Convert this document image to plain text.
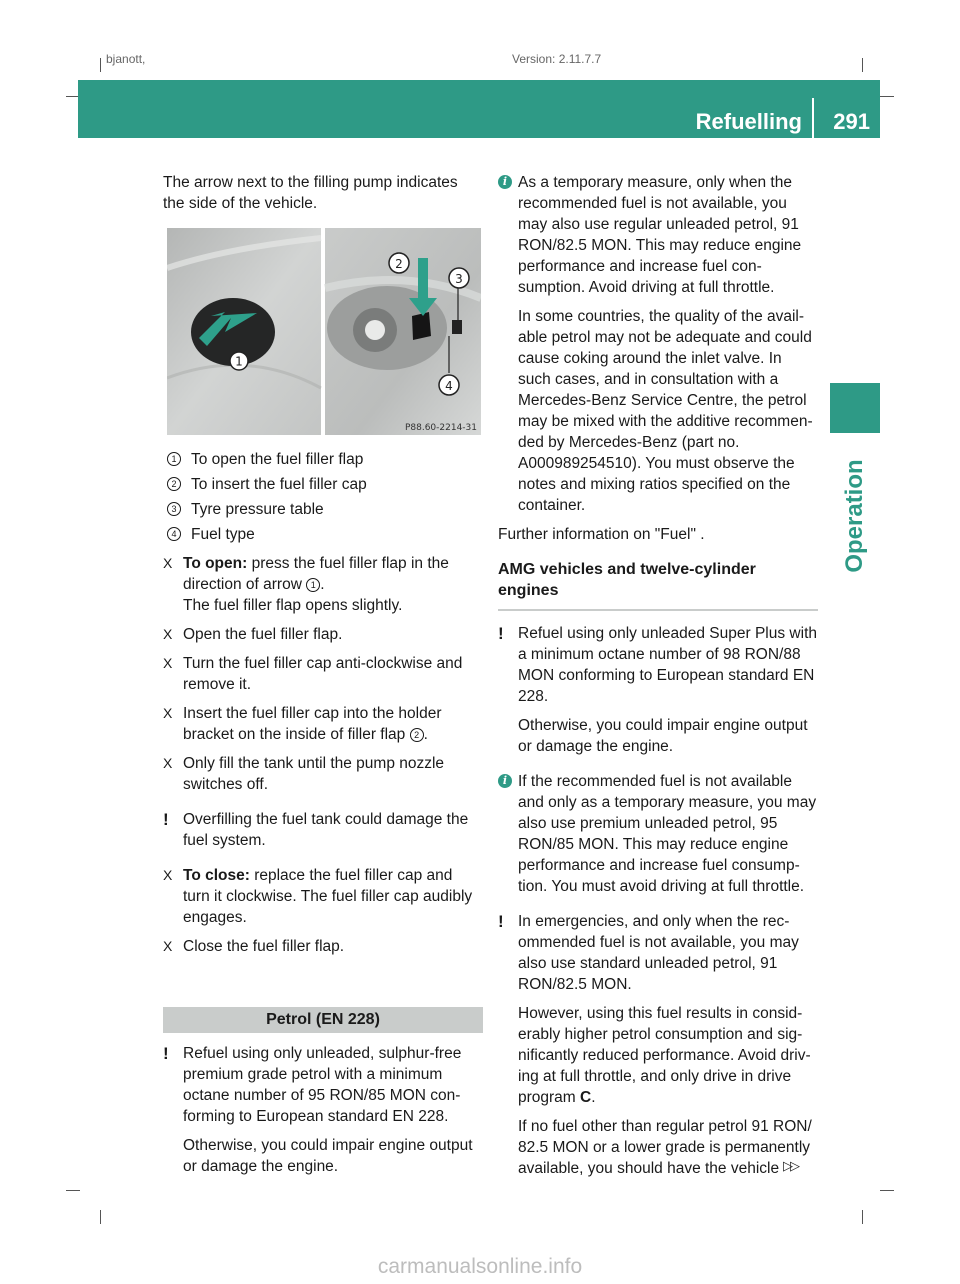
bjanott,	Version: 2.11.7.7
Refuelling 291
Operation

The arrow next to the filling pump indicates the side of the vehicle.

1
2
3
4
P88.60-2214-31
1 To open the fuel filler flap
2 To insert the fuel filler cap
3 Tyre pressure table
4 Fuel type
X To open: press the fuel filler flap in the direction of arrow 1 .
The fuel filler flap opens slightly.
X Open the fuel filler flap.
X Turn the fuel filler cap anti-clockwise and remove it.
X Insert the fuel filler cap into the holder bracket on the inside of filler flap 2 .
X Only fill the tank until the pump nozzle switches off.
! Overfilling the fuel tank could damage the fuel system.
X To close: replace the fuel filler cap and turn it clockwise. The fuel filler cap audibly engages.
X Close the fuel filler flap.
Petrol (EN 228)
! Refuel using only unleaded, sulphur-free premium grade petrol with a minimum octane number of 95 RON/85 MON con-forming to European standard EN 228.

Otherwise, you could impair engine output or damage the engine.

i As a temporary measure, only when the recommended fuel is not available, you may also use regular unleaded petrol, 91 RON/82.5 MON. This may reduce engine performance and increase fuel con-sumption. Avoid driving at full throttle.

In some countries, the quality of the avail-able petrol may not be adequate and could cause coking around the inlet valve. In such cases, and in consultation with a Mercedes-Benz Service Centre, the petrol may be mixed with the additive recommen-ded by Mercedes-Benz (part no. A000989254510). You must observe the notes and mixing ratios specified on the container.

Further information on "Fuel" .

AMG vehicles and twelve-cylinder engines
! Refuel using only unleaded Super Plus with a minimum octane number of 98 RON/88 MON conforming to European standard EN 228.

Otherwise, you could impair engine output or damage the engine.

i If the recommended fuel is not available and only as a temporary measure, you may also use premium unleaded petrol, 95 RON/85 MON. This may reduce engine performance and increase fuel consump-tion. You must avoid driving at full throttle.
! In emergencies, and only when the rec-ommended fuel is not available, you may also use standard unleaded petrol, 91 RON/82.5 MON.

However, using this fuel results in consid-erably higher petrol consumption and sig-nificantly reduced performance. Avoid driv-ing at full throttle, and only drive in drive program C.

If no fuel other than regular petrol 91 RON/ 82.5 MON or a lower grade is permanently available, you should have the vehicle ▷▷
carmanualsonline.info
